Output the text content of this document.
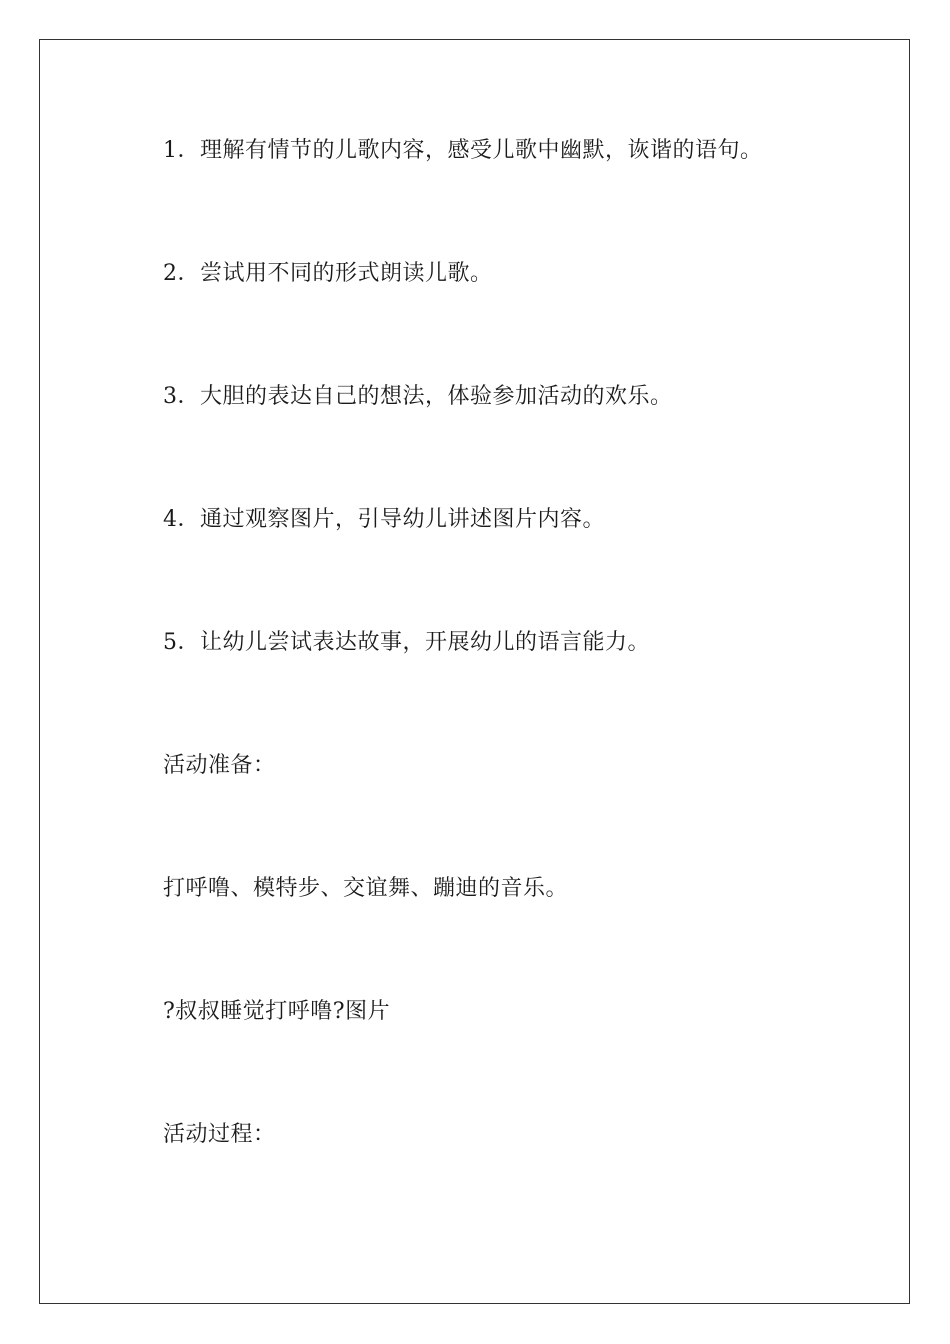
1．理解有情节的儿歌内容，感受儿歌中幽默，诙谐的语句。
2．尝试用不同的形式朗读儿歌。
3．大胆的表达自己的想法，体验参加活动的欢乐。
4．通过观察图片，引导幼儿讲述图片内容。
5．让幼儿尝试表达故事，开展幼儿的语言能力。
活动准备：
打呼噜、模特步、交谊舞、蹦迪的音乐。
?叔叔睡觉打呼噜?图片
活动过程：
